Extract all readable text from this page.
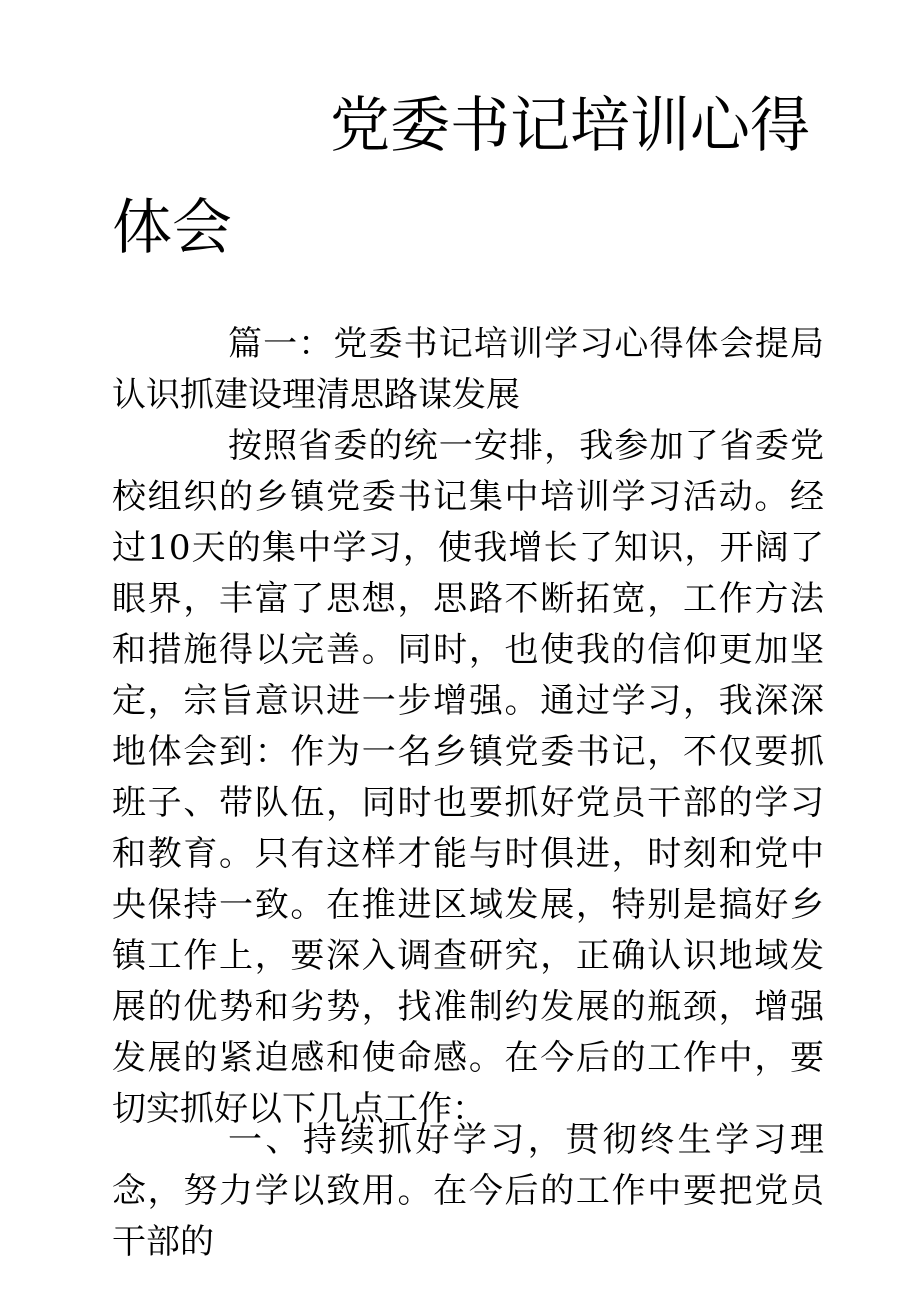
党委书记培训心得
体会

篇一：党委书记培训学习心得体会提局认识抓建设理清思路谋发展

按照省委的统一安排，我参加了省委党校组织的乡镇党委书记集中培训学习活动。经过10天的集中学习，使我增长了知识，开阔了眼界，丰富了思想，思路不断拓宽，工作方法和措施得以完善。同时，也使我的信仰更加坚定，宗旨意识进一步增强。通过学习，我深深地体会到：作为一名乡镇党委书记，不仅要抓班子、带队伍，同时也要抓好党员干部的学习和教育。只有这样才能与时俱进，时刻和党中央保持一致。在推进区域发展，特别是搞好乡镇工作上，要深入调查研究，正确认识地域发展的优势和劣势，找准制约发展的瓶颈，增强发展的紧迫感和使命感。在今后的工作中，要切实抓好以下几点工作：

一、持续抓好学习，贯彻终生学习理念，努力学以致用。在今后的工作中要把党员干部的
